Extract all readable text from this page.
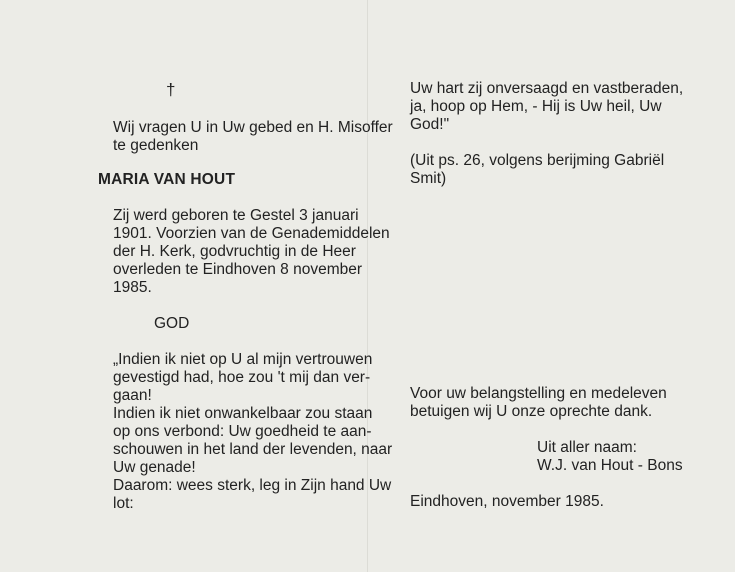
†
Wij vragen U in Uw gebed en H. Misoffer
te gedenken
MARIA VAN HOUT
Zij werd geboren te Gestel 3 januari
1901. Voorzien van de Genademiddelen
der H. Kerk, godvruchtig in de Heer
overleden te Eindhoven 8 november
1985.
GOD
„Indien ik niet op U al mijn vertrouwen
gevestigd had, hoe zou 't mij dan ver-
gaan!
Indien ik niet onwankelbaar zou staan
op ons verbond: Uw goedheid te aan-
schouwen in het land der levenden, naar
Uw genade!
Daarom: wees sterk, leg in Zijn hand Uw
lot:
Uw hart zij onversaagd en vastberaden,
ja, hoop op Hem, - Hij is Uw heil, Uw
God!"
(Uit ps. 26, volgens berijming Gabriël
Smit)
Voor uw belangstelling en medeleven
betuigen wij U onze oprechte dank.
Uit aller naam:
W.J. van Hout - Bons
Eindhoven, november 1985.
